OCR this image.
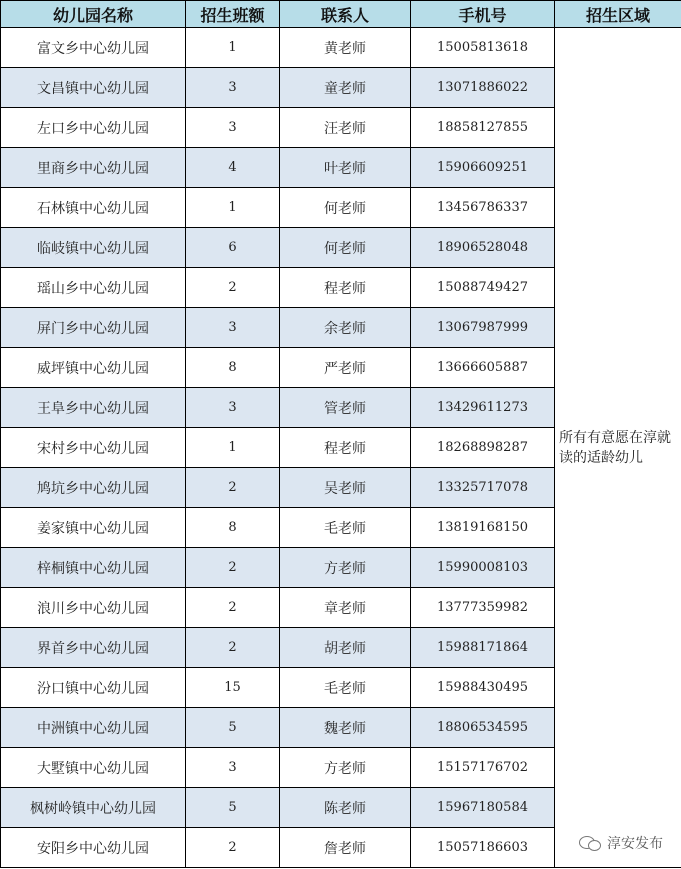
幼儿园名称	招生班额	联系人	手机号	招生区域
富文乡中心幼儿园	1	黄老师	15005813618	所有有意愿在淳就读的适龄幼儿
文昌镇中心幼儿园	3	童老师	13071886022	
左口乡中心幼儿园	3	汪老师	18858127855	
里商乡中心幼儿园	4	叶老师	15906609251	
石林镇中心幼儿园	1	何老师	13456786337	
临岐镇中心幼儿园	6	何老师	18906528048	
瑶山乡中心幼儿园	2	程老师	15088749427	
屏门乡中心幼儿园	3	余老师	13067987999	
威坪镇中心幼儿园	8	严老师	13666605887	
王阜乡中心幼儿园	3	管老师	13429611273	
宋村乡中心幼儿园	1	程老师	18268898287	
鸠坑乡中心幼儿园	2	吴老师	13325717078	
姜家镇中心幼儿园	8	毛老师	13819168150	
梓桐镇中心幼儿园	2	方老师	15990008103	
浪川乡中心幼儿园	2	章老师	13777359982	
界首乡中心幼儿园	2	胡老师	15988171864	
汾口镇中心幼儿园	15	毛老师	15988430495	
中洲镇中心幼儿园	5	魏老师	18806534595	
大墅镇中心幼儿园	3	方老师	15157176702	
枫树岭镇中心幼儿园	5	陈老师	15967180584	
安阳乡中心幼儿园	2	詹老师	15057186603		淳安发布
